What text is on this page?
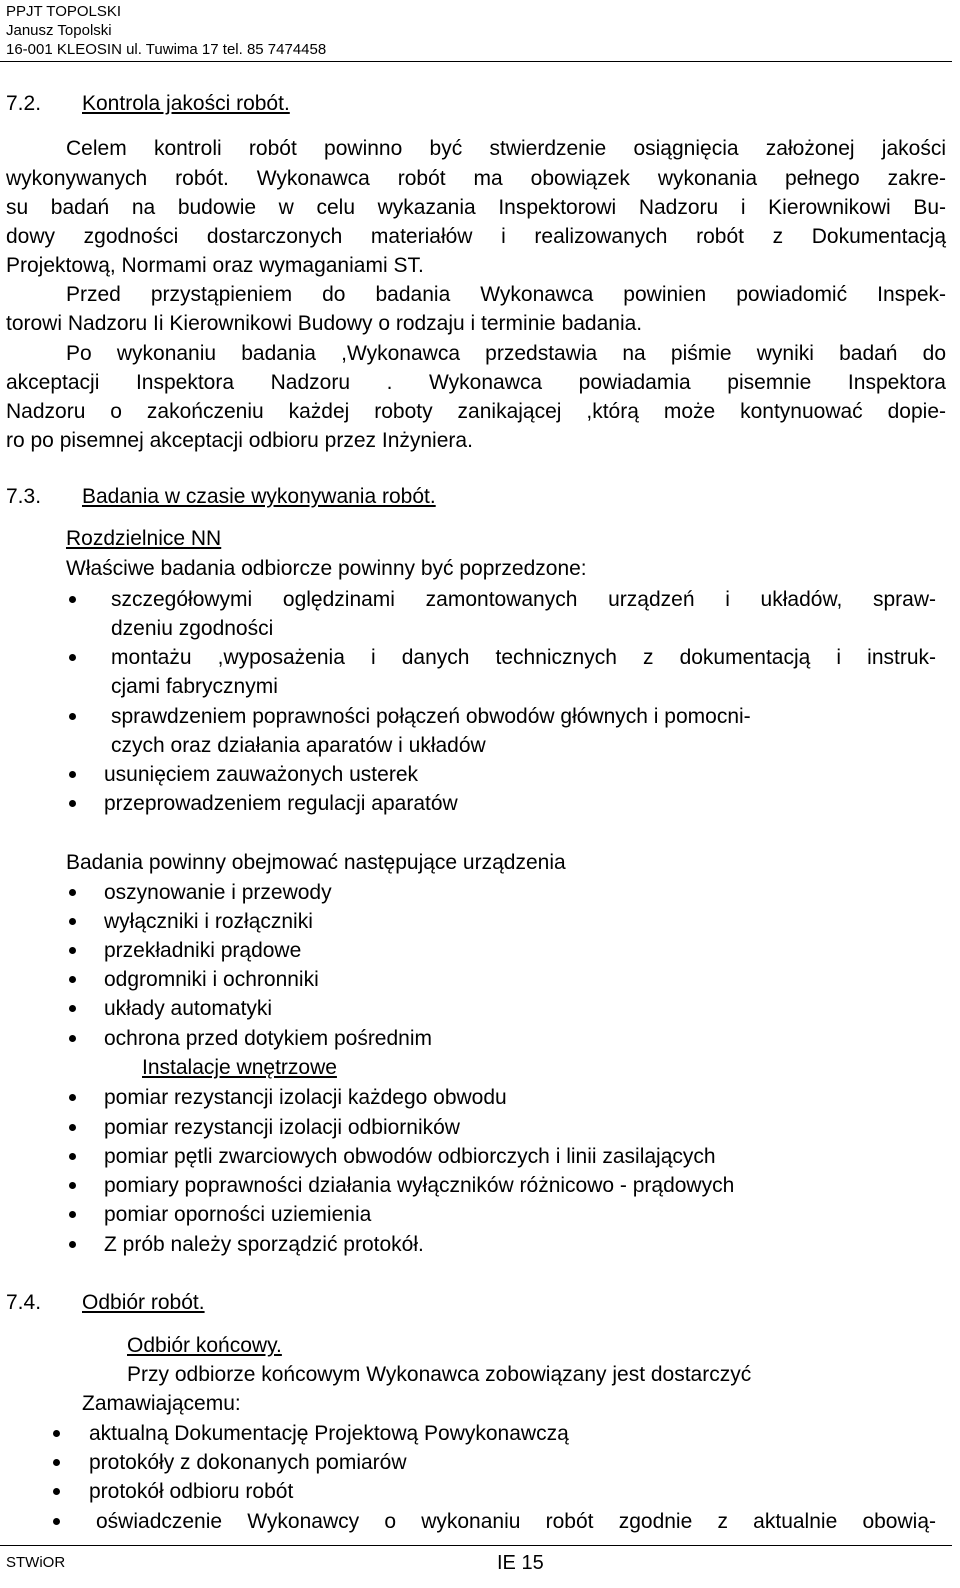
PPJT TOPOLSKI
Janusz Topolski
16-001 KLEOSIN ul. Tuwima 17 tel. 85 7474458
7.2. Kontrola jakości robót.
Celem kontroli robót powinno być stwierdzenie osiągnięcia założonej jakości
wykonywanych robót. Wykonawca robót ma obowiązek wykonania pełnego zakre-
su badań na budowie w celu wykazania Inspektorowi Nadzoru i Kierownikowi Bu-
dowy zgodności dostarczonych materiałów i realizowanych robót z Dokumentacją
Projektową, Normami oraz wymaganiami ST.
Przed przystąpieniem do badania Wykonawca powinien powiadomić Inspek-
torowi Nadzoru Ii Kierownikowi Budowy o rodzaju i terminie badania.
Po wykonaniu badania ,Wykonawca przedstawia na piśmie wyniki badań do
akceptacji Inspektora Nadzoru . Wykonawca powiadamia pisemnie Inspektora
Nadzoru o zakończeniu każdej roboty zanikającej ,którą może kontynuować dopie-
ro po pisemnej akceptacji odbioru przez Inżyniera.
7.3. Badania w czasie wykonywania robót.
Rozdzielnice NN
Właściwe badania odbiorcze powinny być poprzedzone:
szczegółowymi oględzinami zamontowanych urządzeń i układów, spraw-
dzeniu zgodności
montażu ,wyposażenia i danych technicznych z dokumentacją i instruk-
cjami fabrycznymi
sprawdzeniem poprawności połączeń obwodów głównych i pomocni-
czych oraz działania aparatów i układów
usunięciem zauważonych usterek
przeprowadzeniem regulacji aparatów
Badania powinny obejmować następujące urządzenia
oszynowanie i przewody
wyłączniki i rozłączniki
przekładniki prądowe
odgromniki i ochronniki
układy automatyki
ochrona przed dotykiem pośrednim
Instalacje wnętrzowe
pomiar rezystancji izolacji każdego obwodu
pomiar rezystancji izolacji odbiorników
pomiar pętli zwarciowych obwodów odbiorczych i linii zasilających
pomiary poprawności działania wyłączników różnicowo - prądowych
pomiar oporności uziemienia
Z prób należy sporządzić protokół.
7.4. Odbiór robót.
Odbiór końcowy.
Przy odbiorze końcowym Wykonawca zobowiązany jest dostarczyć
Zamawiającemu:
aktualną Dokumentację Projektową Powykonawczą
protokóły z dokonanych pomiarów
protokół odbioru robót
oświadczenie Wykonawcy o wykonaniu robót zgodnie z aktualnie obowią-
STWiOR	IE 15
